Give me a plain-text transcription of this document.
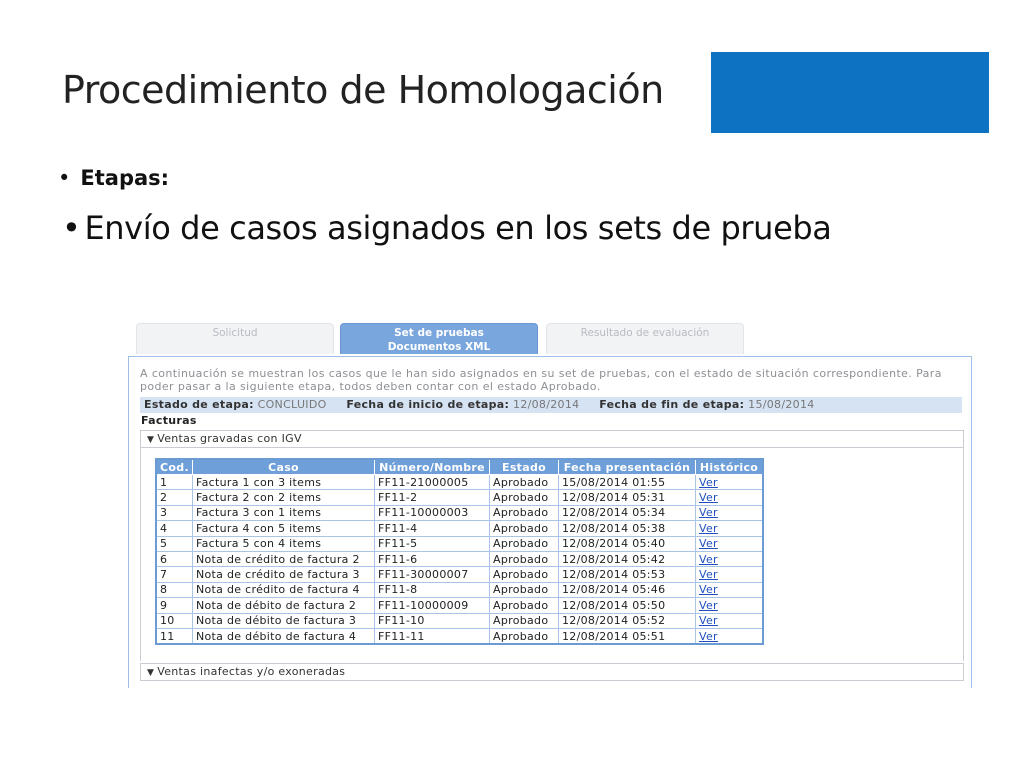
Procedimiento de Homologación
• Etapas:
• Envío de casos asignados en los sets de prueba
Solicitud	Set de pruebas
Documentos XML
Resultado de evaluación
A continuación se muestran los casos que le han sido asignados en su set de pruebas, con el estado de situación correspondiente. Para poder pasar a la siguiente etapa, todos deben contar con el estado Aprobado.
Estado de etapa: CONCLUIDO Fecha de inicio de etapa: 12/08/2014 Fecha de fin de etapa: 15/08/2014
Facturas
▼ Ventas gravadas con IGV
Cod.	Caso	Número/Nombre	Estado	Fecha presentación	Histórico
1	Factura 1 con 3 items	FF11-21000005	Aprobado	15/08/2014 01:55	Ver
2	Factura 2 con 2 items	FF11-2	Aprobado	12/08/2014 05:31	Ver
3	Factura 3 con 1 items	FF11-10000003	Aprobado	12/08/2014 05:34	Ver
4	Factura 4 con 5 items	FF11-4	Aprobado	12/08/2014 05:38	Ver
5	Factura 5 con 4 items	FF11-5	Aprobado	12/08/2014 05:40	Ver
6	Nota de crédito de factura 2	FF11-6	Aprobado	12/08/2014 05:42	Ver
7	Nota de crédito de factura 3	FF11-30000007	Aprobado	12/08/2014 05:53	Ver
8	Nota de crédito de factura 4	FF11-8	Aprobado	12/08/2014 05:46	Ver
9	Nota de débito de factura 2	FF11-10000009	Aprobado	12/08/2014 05:50	Ver
10	Nota de débito de factura 3	FF11-10	Aprobado	12/08/2014 05:52	Ver
11	Nota de débito de factura 4	FF11-11	Aprobado	12/08/2014 05:51	Ver
▼ Ventas inafectas y/o exoneradas
